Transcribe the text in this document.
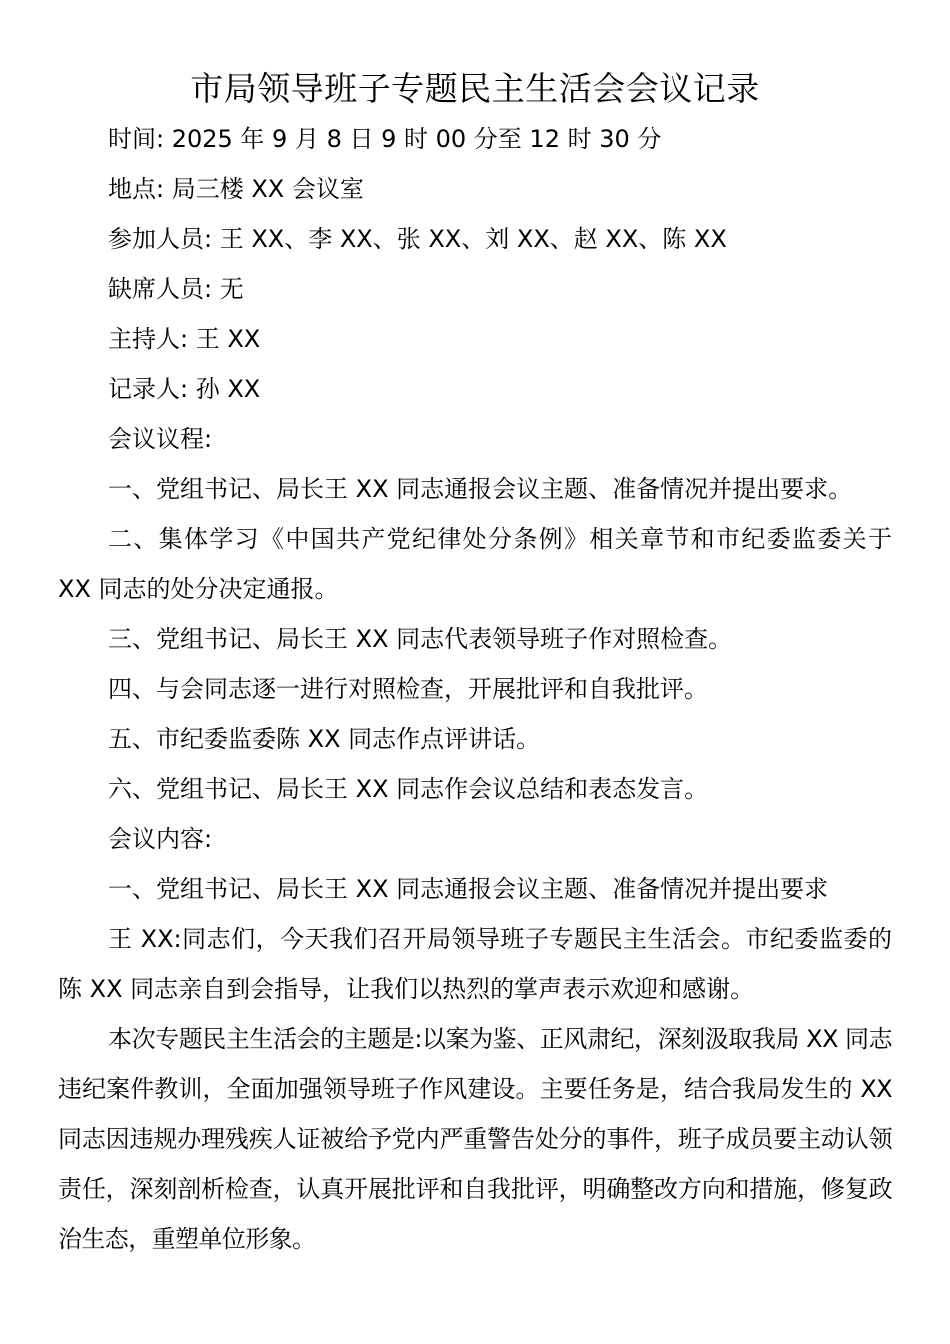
市局领导班子专题民主生活会会议记录

时间: 2025 年 9 月 8 日 9 时 00 分至 12 时 30 分

地点: 局三楼 XX 会议室

参加人员: 王 XX、李 XX、张 XX、刘 XX、赵 XX、陈 XX

缺席人员: 无

主持人: 王 XX

记录人: 孙 XX

会议议程:

一、党组书记、局长王 XX 同志通报会议主题、准备情况并提出要求。

二、集体学习《中国共产党纪律处分条例》相关章节和市纪委监委关于 XX 同志的处分决定通报。

三、党组书记、局长王 XX 同志代表领导班子作对照检查。

四、与会同志逐一进行对照检查，开展批评和自我批评。

五、市纪委监委陈 XX 同志作点评讲话。

六、党组书记、局长王 XX 同志作会议总结和表态发言。

会议内容:

一、党组书记、局长王 XX 同志通报会议主题、准备情况并提出要求

王 XX:同志们，今天我们召开局领导班子专题民主生活会。市纪委监委的陈 XX 同志亲自到会指导，让我们以热烈的掌声表示欢迎和感谢。

本次专题民主生活会的主题是:以案为鉴、正风肃纪，深刻汲取我局 XX 同志违纪案件教训，全面加强领导班子作风建设。主要任务是，结合我局发生的 XX 同志因违规办理残疾人证被给予党内严重警告处分的事件，班子成员要主动认领责任，深刻剖析检查，认真开展批评和自我批评，明确整改方向和措施，修复政治生态，重塑单位形象。
